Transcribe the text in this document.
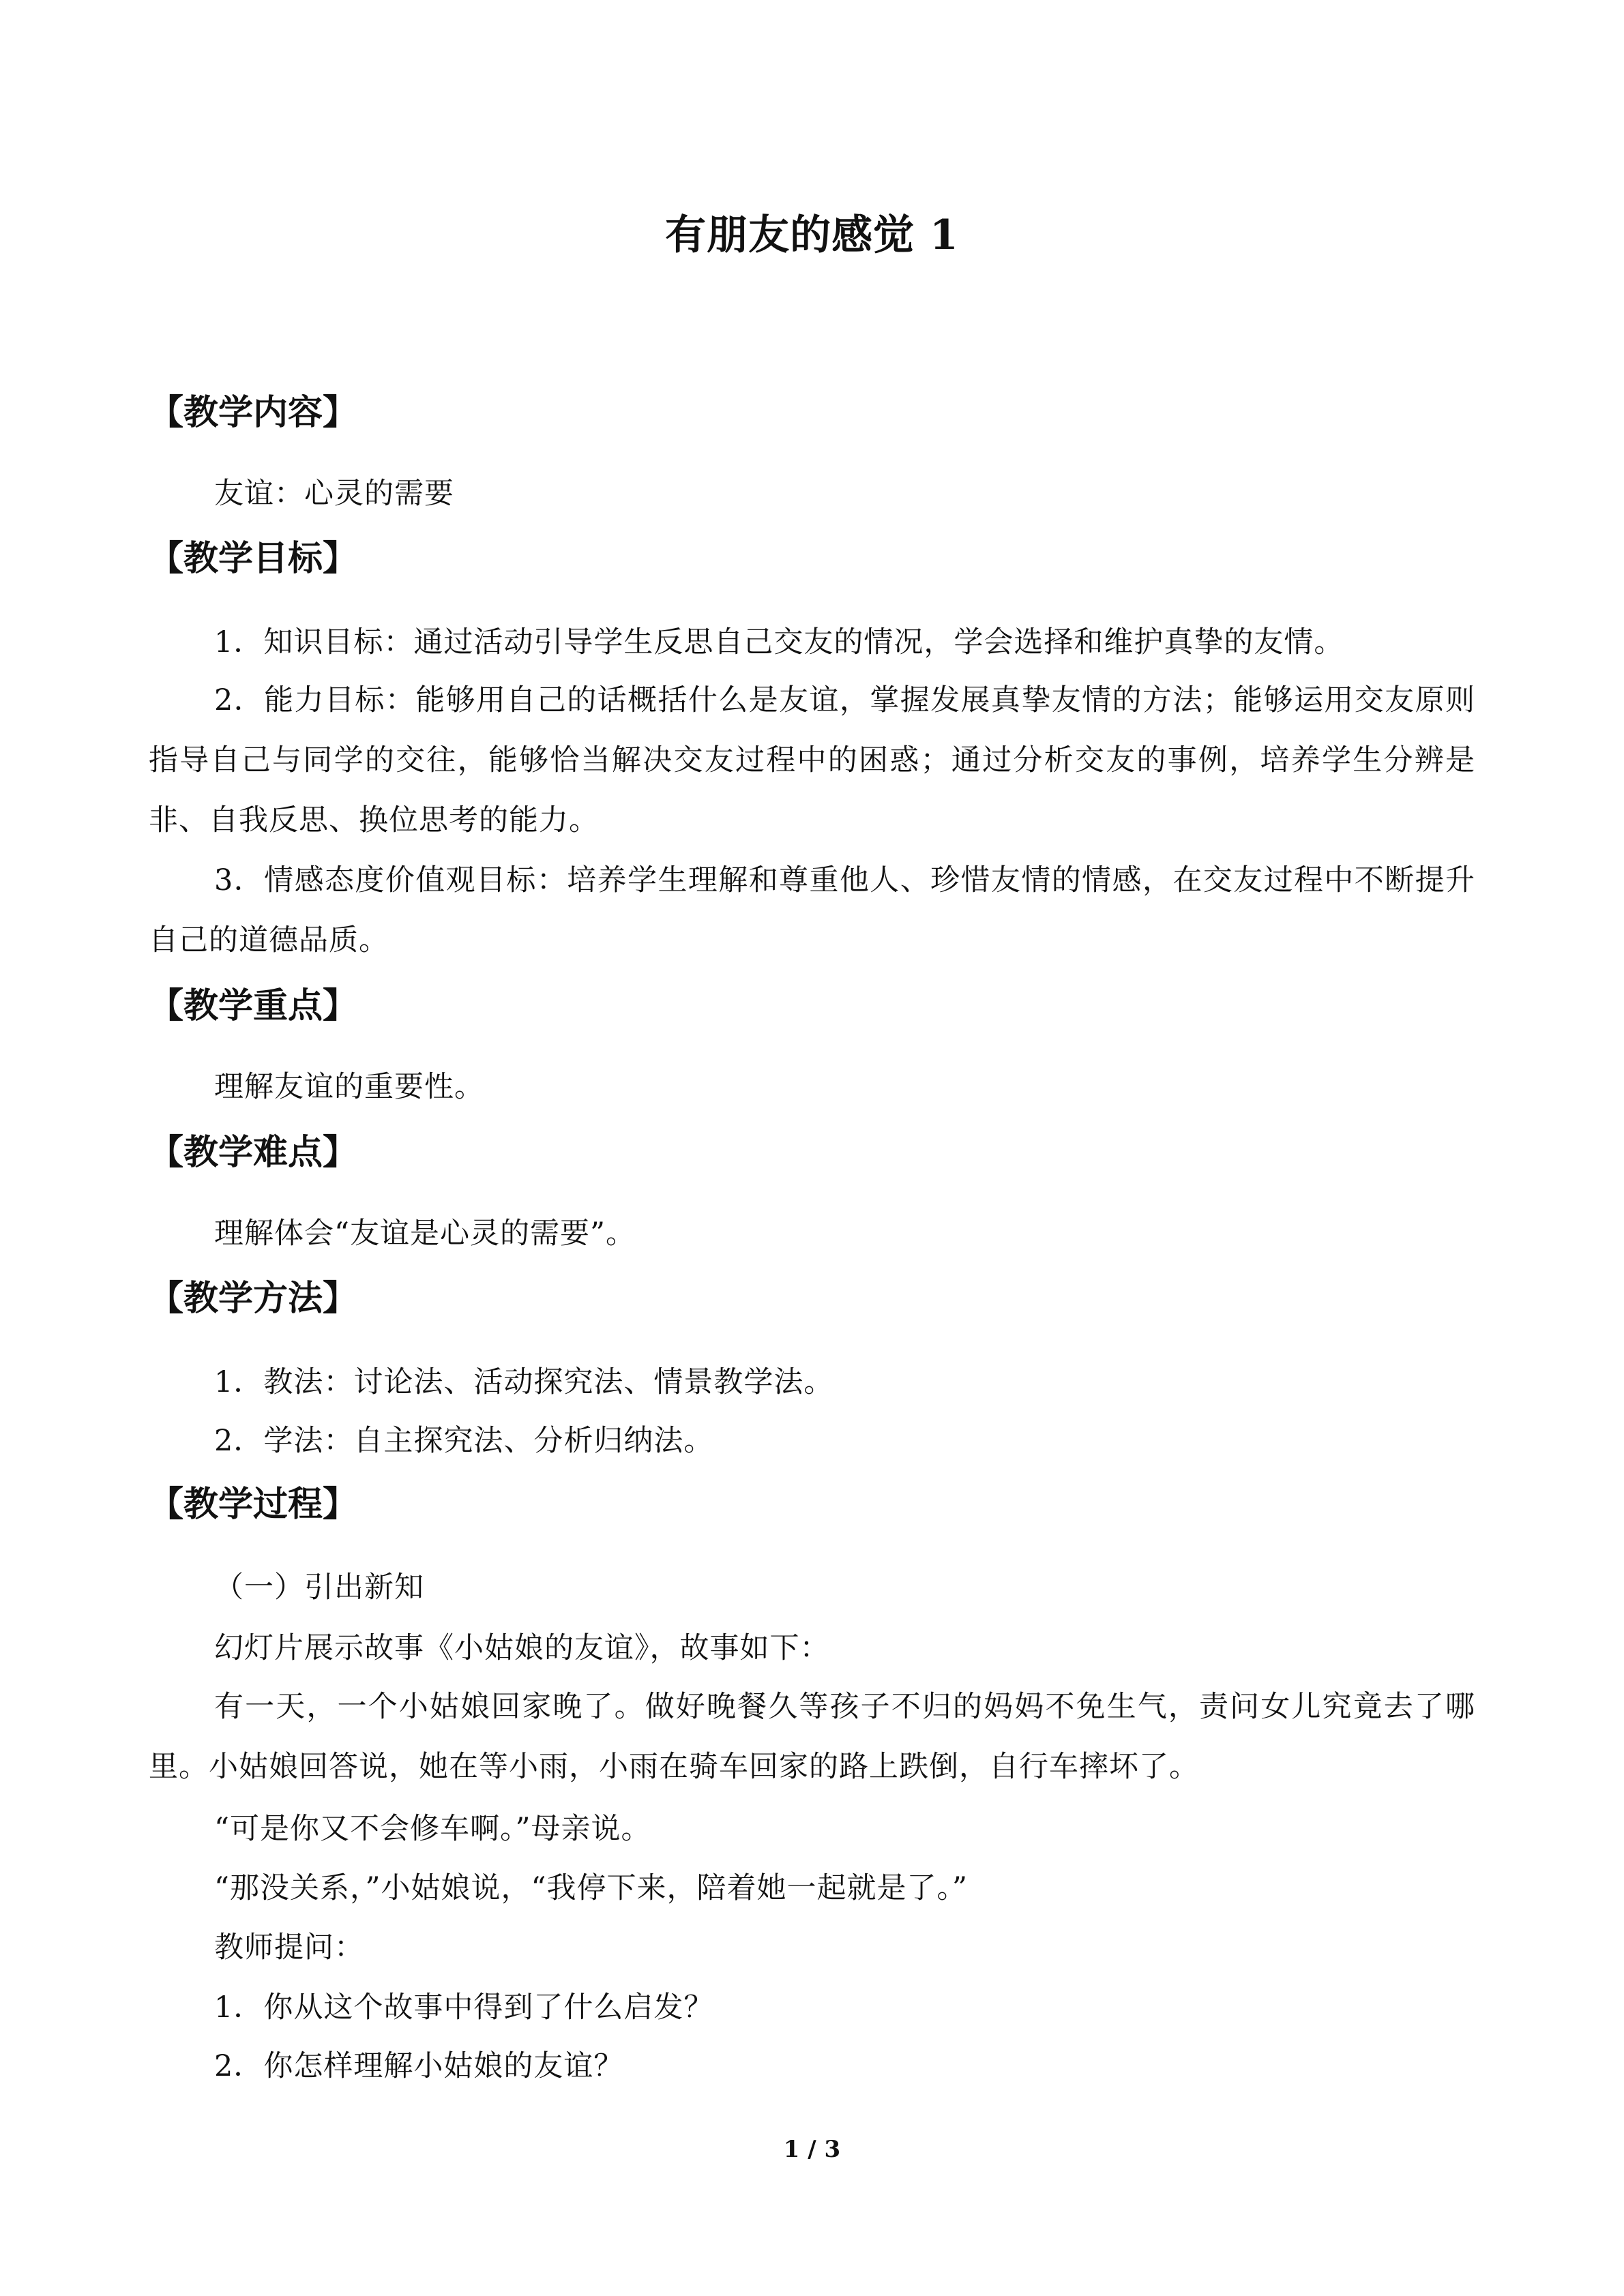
有朋友的感觉 1
【教学内容】
友谊：心灵的需要
【教学目标】
1．知识目标：通过活动引导学生反思自己交友的情况，学会选择和维护真挚的友情。
2．能力目标：能够用自己的话概括什么是友谊，掌握发展真挚友情的方法；能够运用交友原则指导自己与同学的交往，能够恰当解决交友过程中的困惑；通过分析交友的事例，培养学生分辨是非、自我反思、换位思考的能力。
3．情感态度价值观目标：培养学生理解和尊重他人、珍惜友情的情感，在交友过程中不断提升自己的道德品质。
【教学重点】
理解友谊的重要性。
【教学难点】
理解体会“友谊是心灵的需要”。
【教学方法】
1．教法：讨论法、活动探究法、情景教学法。
2．学法：自主探究法、分析归纳法。
【教学过程】
（一）引出新知
幻灯片展示故事《小姑娘的友谊》，故事如下：
有一天，一个小姑娘回家晚了。做好晚餐久等孩子不归的妈妈不免生气，责问女儿究竟去了哪里。小姑娘回答说，她在等小雨，小雨在骑车回家的路上跌倒，自行车摔坏了。
“可是你又不会修车啊。”母亲说。
“那没关系，”小姑娘说，“我停下来，陪着她一起就是了。”
教师提问：
1．你从这个故事中得到了什么启发？
2．你怎样理解小姑娘的友谊？
1 / 3
